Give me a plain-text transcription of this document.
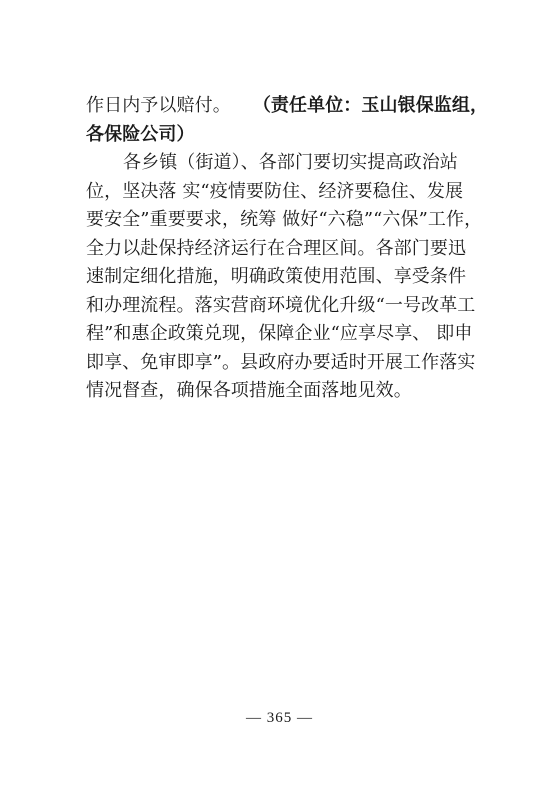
作日内予以赔付。 （责任单位：玉山银保监组，
各保险公司）
各乡镇（街道）、各部门要切实提高政治站
位，坚决落 实“疫情要防住、经济要稳住、发展
要安全”重要要求，统筹 做好“六稳”“六保”工作，
全力以赴保持经济运行在合理区间。各部门要迅
速制定细化措施，明确政策使用范围、享受条件
和办理流程。落实营商环境优化升级“一号改革工
程”和惠企政策兑现，保障企业“应享尽享、 即申
即享、免审即享”。县政府办要适时开展工作落实
情况督查，确保各项措施全面落地见效。
— 365 —
